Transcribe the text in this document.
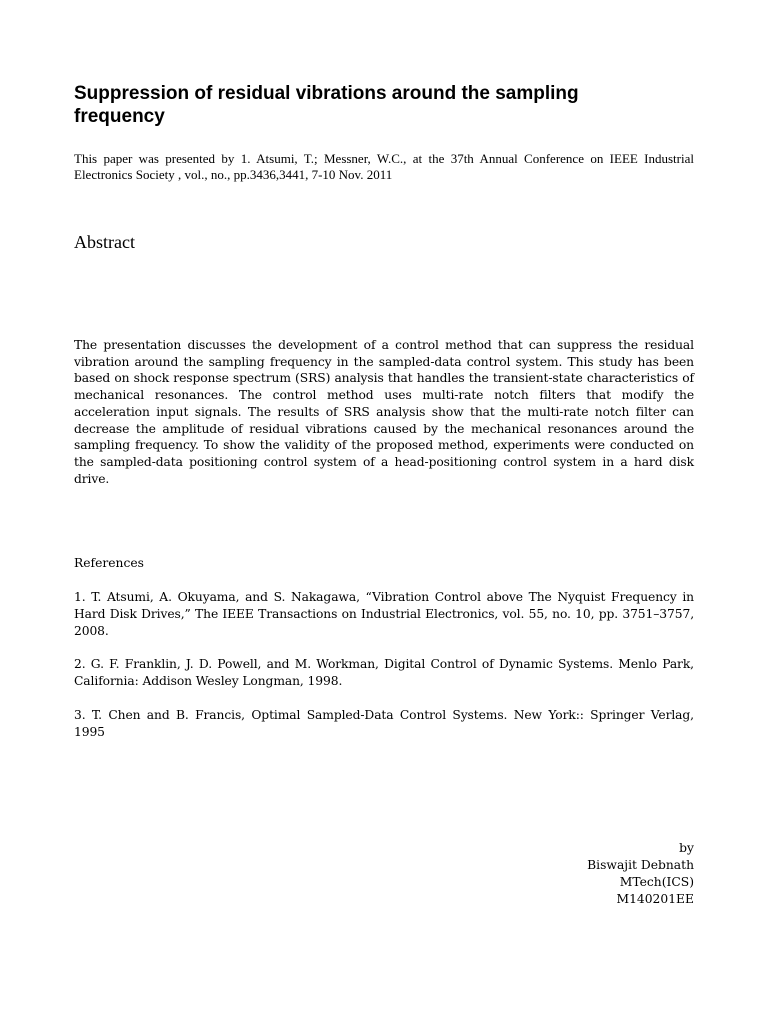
Suppression of residual vibrations around the sampling frequency

This paper was presented by 1. Atsumi, T.; Messner, W.C., at the 37th Annual Conference on IEEE Industrial Electronics Society , vol., no., pp.3436,3441, 7-10 Nov. 2011

Abstract

The presentation discusses the development of a control method that can suppress the residual vibration around the sampling frequency in the sampled-data control system. This study has been based on shock response spectrum (SRS) analysis that handles the transient-state characteristics of mechanical resonances. The control method uses multi-rate notch filters that modify the acceleration input signals. The results of SRS analysis show that the multi-rate notch filter can decrease the amplitude of residual vibrations caused by the mechanical resonances around the sampling frequency. To show the validity of the proposed method, experiments were conducted on the sampled-data positioning control system of a head-positioning control system in a hard disk drive.

References

1. T. Atsumi, A. Okuyama, and S. Nakagawa, “Vibration Control above The Nyquist Frequency in Hard Disk Drives,” The IEEE Transactions on Industrial Electronics, vol. 55, no. 10, pp. 3751–3757, 2008.

2. G. F. Franklin, J. D. Powell, and M. Workman, Digital Control of Dynamic Systems. Menlo Park, California: Addison Wesley Longman, 1998.

3. T. Chen and B. Francis, Optimal Sampled-Data Control Systems. New York:: Springer Verlag, 1995

by
Biswajit Debnath
MTech(ICS)
M140201EE
